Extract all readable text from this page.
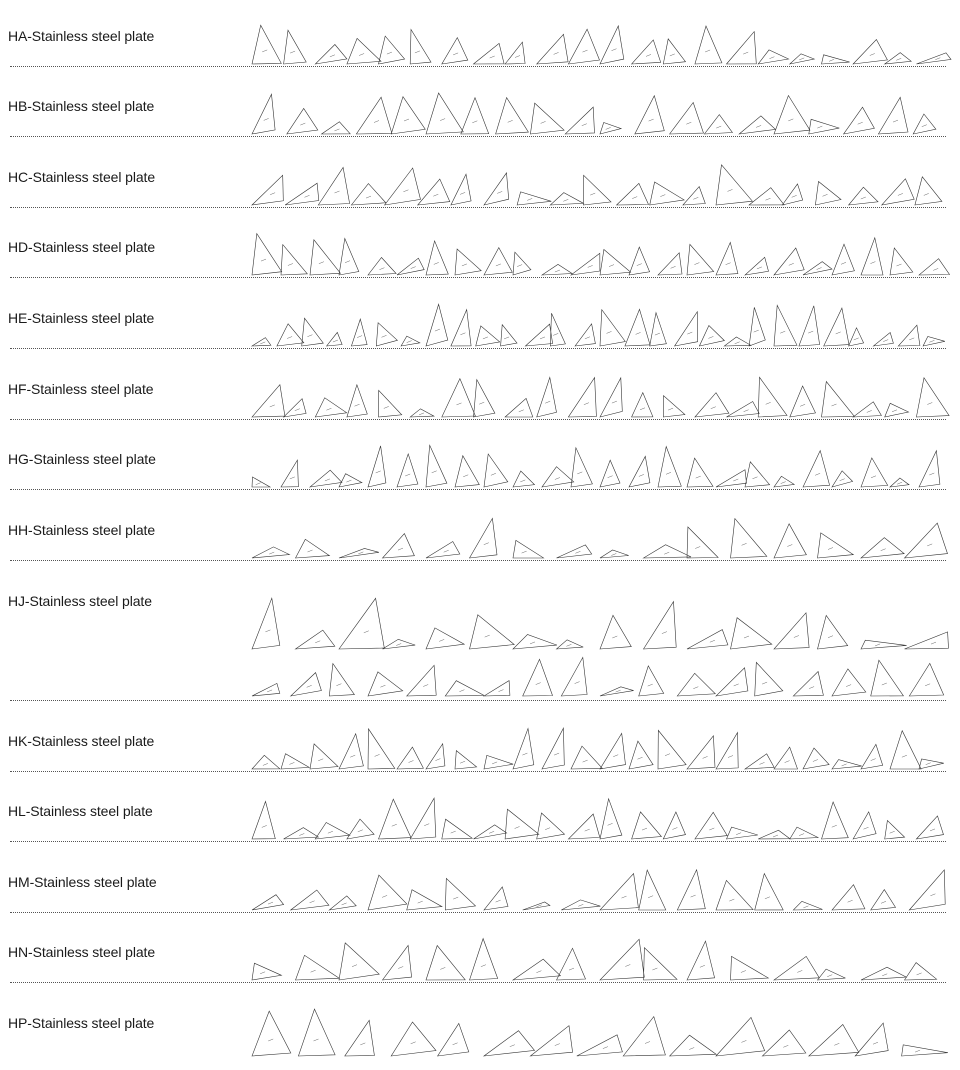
HA-Stainless steel plate
HB-Stainless steel plate
HC-Stainless steel plate
HD-Stainless steel plate
HE-Stainless steel plate
HF-Stainless steel plate
HG-Stainless steel plate
HH-Stainless steel plate
HJ-Stainless steel plate
HK-Stainless steel plate
HL-Stainless steel plate
HM-Stainless steel plate
HN-Stainless steel plate
HP-Stainless steel plate
